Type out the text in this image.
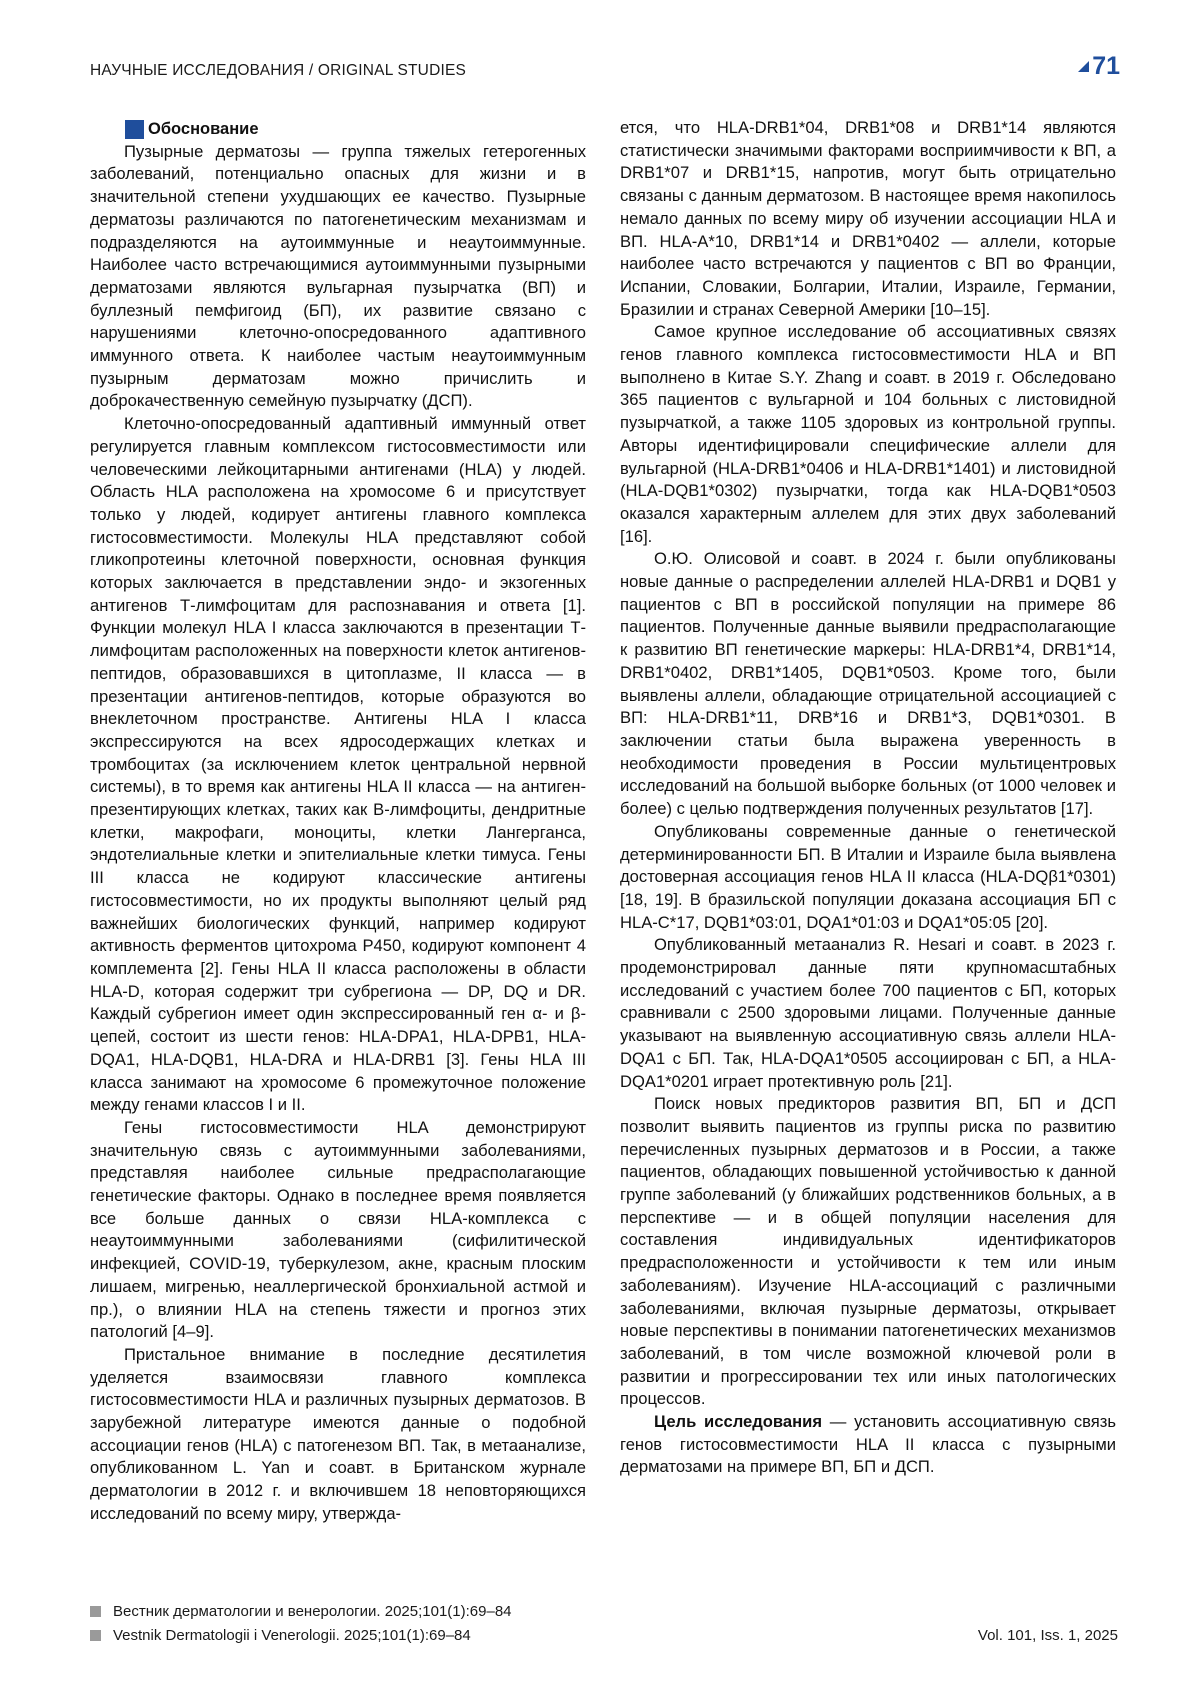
НАУЧНЫЕ ИССЛЕДОВАНИЯ / ORIGINAL STUDIES	71
Обоснование

Пузырные дерматозы — группа тяжелых гетерогенных заболеваний, потенциально опасных для жизни и в значительной степени ухудшающих ее качество. Пузырные дерматозы различаются по патогенетическим механизмам и подразделяются на аутоиммунные и неаутоиммунные. Наиболее часто встречающимися аутоиммунными пузырными дерматозами являются вульгарная пузырчатка (ВП) и буллезный пемфигоид (БП), их развитие связано с нарушениями клеточно-опосредованного адаптивного иммунного ответа. К наиболее частым неаутоиммунным пузырным дерматозам можно причислить и доброкачественную семейную пузырчатку (ДСП).

Клеточно-опосредованный адаптивный иммунный ответ регулируется главным комплексом гистосовместимости или человеческими лейкоцитарными антигенами (HLA) у людей. Область HLA расположена на хромосоме 6 и присутствует только у людей, кодирует антигены главного комплекса гистосовместимости. Молекулы HLA представляют собой гликопротеины клеточной поверхности, основная функция которых заключается в представлении эндо- и экзогенных антигенов Т-лимфоцитам для распознавания и ответа [1]. Функции молекул HLA I класса заключаются в презентации Т-лимфоцитам расположенных на поверхности клеток антигенов-пептидов, образовавшихся в цитоплазме, II класса — в презентации антигенов-пептидов, которые образуются во внеклеточном пространстве. Антигены HLA I класса экспрессируются на всех ядросодержащих клетках и тромбоцитах (за исключением клеток центральной нервной системы), в то время как антигены HLA II класса — на антиген-презентирующих клетках, таких как B-лимфоциты, дендритные клетки, макрофаги, моноциты, клетки Лангерганса, эндотелиальные клетки и эпителиальные клетки тимуса. Гены III класса не кодируют классические антигены гистосовместимости, но их продукты выполняют целый ряд важнейших биологических функций, например кодируют активность ферментов цитохрома P450, кодируют компонент 4 комплемента [2]. Гены HLA II класса расположены в области HLA-D, которая содержит три субрегиона — DP, DQ и DR. Каждый субрегион имеет один экспрессированный ген α- и β-цепей, состоит из шести генов: HLA-DPA1, HLA-DPB1, HLA-DQA1, HLA-DQB1, HLA-DRA и HLA-DRB1 [3]. Гены HLA III класса занимают на хромосоме 6 промежуточное положение между генами классов I и II.

Гены гистосовместимости HLA демонстрируют значительную связь с аутоиммунными заболеваниями, представляя наиболее сильные предрасполагающие генетические факторы. Однако в последнее время появляется все больше данных о связи HLA-комплекса с неаутоиммунными заболеваниями (сифилитической инфекцией, COVID-19, туберкулезом, акне, красным плоским лишаем, мигренью, неаллергической бронхиальной астмой и пр.), о влиянии HLA на степень тяжести и прогноз этих патологий [4–9].

Пристальное внимание в последние десятилетия уделяется взаимосвязи главного комплекса гистосовместимости HLA и различных пузырных дерматозов. В зарубежной литературе имеются данные о подобной ассоциации генов (HLA) с патогенезом ВП. Так, в метаанализе, опубликованном L. Yan и соавт. в Британском журнале дерматологии в 2012 г. и включившем 18 неповторяющихся исследований по всему миру, утвержда-

ется, что HLA-DRB1*04, DRB1*08 и DRB1*14 являются статистически значимыми факторами восприимчивости к ВП, а DRB1*07 и DRB1*15, напротив, могут быть отрицательно связаны с данным дерматозом. В настоящее время накопилось немало данных по всему миру об изучении ассоциации HLA и ВП. HLA-A*10, DRB1*14 и DRB1*0402 — аллели, которые наиболее часто встречаются у пациентов с ВП во Франции, Испании, Словакии, Болгарии, Италии, Израиле, Германии, Бразилии и странах Северной Америки [10–15].

Самое крупное исследование об ассоциативных связях генов главного комплекса гистосовместимости HLA и ВП выполнено в Китае S.Y. Zhang и соавт. в 2019 г. Обследовано 365 пациентов с вульгарной и 104 больных с листовидной пузырчаткой, а также 1105 здоровых из контрольной группы. Авторы идентифицировали специфические аллели для вульгарной (HLA-DRB1*0406 и HLA-DRB1*1401) и листовидной (HLA-DQB1*0302) пузырчатки, тогда как HLA-DQB1*0503 оказался характерным аллелем для этих двух заболеваний [16].

О.Ю. Олисовой и соавт. в 2024 г. были опубликованы новые данные о распределении аллелей HLA-DRB1 и DQB1 у пациентов с ВП в российской популяции на примере 86 пациентов. Полученные данные выявили предрасполагающие к развитию ВП генетические маркеры: HLA-DRB1*4, DRB1*14, DRB1*0402, DRB1*1405, DQB1*0503. Кроме того, были выявлены аллели, обладающие отрицательной ассоциацией с ВП: HLA-DRB1*11, DRB*16 и DRB1*3, DQB1*0301. В заключении статьи была выражена уверенность в необходимости проведения в России мультицентровых исследований на большой выборке больных (от 1000 человек и более) с целью подтверждения полученных результатов [17].

Опубликованы современные данные о генетической детерминированности БП. В Италии и Израиле была выявлена достоверная ассоциация генов HLA II класса (HLA-DQβ1*0301) [18, 19]. В бразильской популяции доказана ассоциация БП с HLA-C*17, DQB1*03:01, DQA1*01:03 и DQA1*05:05 [20].

Опубликованный метаанализ R. Hesari и соавт. в 2023 г. продемонстрировал данные пяти крупномасштабных исследований с участием более 700 пациентов с БП, которых сравнивали с 2500 здоровыми лицами. Полученные данные указывают на выявленную ассоциативную связь аллели HLA-DQA1 с БП. Так, HLA-DQA1*0505 ассоциирован с БП, а HLA-DQA1*0201 играет протективную роль [21].

Поиск новых предикторов развития ВП, БП и ДСП позволит выявить пациентов из группы риска по развитию перечисленных пузырных дерматозов и в России, а также пациентов, обладающих повышенной устойчивостью к данной группе заболеваний (у ближайших родственников больных, а в перспективе — и в общей популяции населения для составления индивидуальных идентификаторов предрасположенности и устойчивости к тем или иным заболеваниям). Изучение HLA-ассоциаций с различными заболеваниями, включая пузырные дерматозы, открывает новые перспективы в понимании патогенетических механизмов заболеваний, в том числе возможной ключевой роли в развитии и прогрессировании тех или иных патологических процессов.

Цель исследования — установить ассоциативную связь генов гистосовместимости HLA II класса с пузырными дерматозами на примере ВП, БП и ДСП.

Вестник дерматологии и венерологии. 2025;101(1):69–84
Vestnik Dermatologii i Venerologii. 2025;101(1):69–84	Vol. 101, Iss. 1, 2025
